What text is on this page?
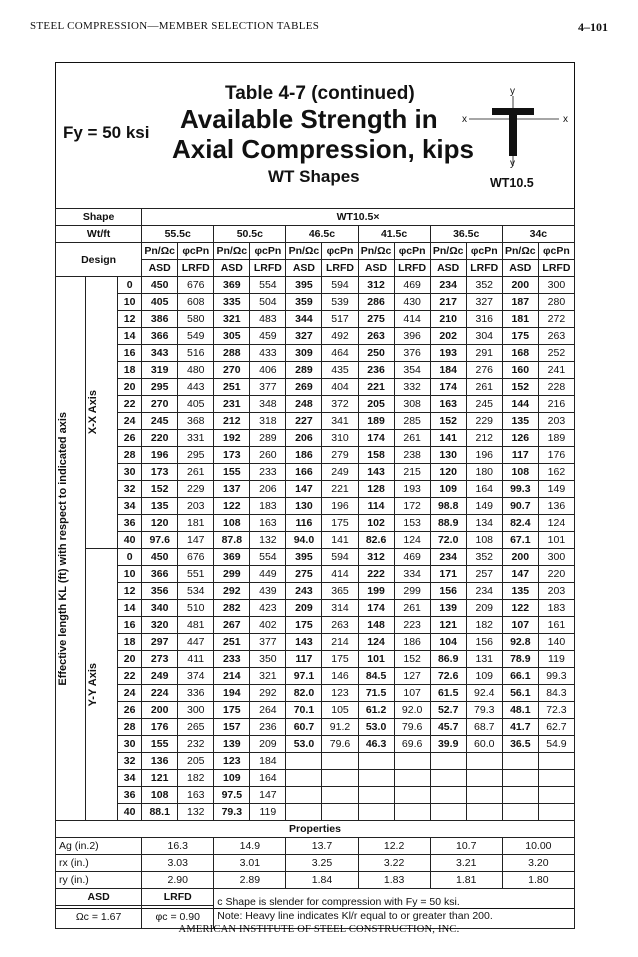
STEEL COMPRESSION—MEMBER SELECTION TABLES	4–101
Fy = 50 ksi
Table 4-7 (continued)
Available Strength in
Axial Compression, kips
WT Shapes
y
x	x
y
WT10.5
Shape			WT10.5×											
Wt/ft			55.5c		50.5c		46.5c		41.5c		36.5c		34c	
Design			Pn/Ωc	φcPn	Pn/Ωc	φcPn	Pn/Ωc	φcPn	Pn/Ωc	φcPn	Pn/Ωc	φcPn	Pn/Ωc	φcPn
			ASD	LRFD	ASD	LRFD	ASD	LRFD	ASD	LRFD	ASD	LRFD	ASD	LRFD

Effective length KL (ft) with respect to indicated axis	X-X Axis	0	450	676	369	554	395	594	312	469	234	352	200	300
		10	405	608	335	504	359	539	286	430	217	327	187	280
		12	386	580	321	483	344	517	275	414	210	316	181	272
		14	366	549	305	459	327	492	263	396	202	304	175	263
		16	343	516	288	433	309	464	250	376	193	291	168	252
		18	319	480	270	406	289	435	236	354	184	276	160	241
		20	295	443	251	377	269	404	221	332	174	261	152	228
		22	270	405	231	348	248	372	205	308	163	245	144	216
		24	245	368	212	318	227	341	189	285	152	229	135	203
		26	220	331	192	289	206	310	174	261	141	212	126	189
		28	196	295	173	260	186	279	158	238	130	196	117	176
		30	173	261	155	233	166	249	143	215	120	180	108	162
		32	152	229	137	206	147	221	128	193	109	164	99.3	149
		34	135	203	122	183	130	196	114	172	98.8	149	90.7	136
		36	120	181	108	163	116	175	102	153	88.9	134	82.4	124
		40	97.6	147	87.8	132	94.0	141	82.6	124	72.0	108	67.1	101

	Y-Y Axis	0	450	676	369	554	395	594	312	469	234	352	200	300
		10	366	551	299	449	275	414	222	334	171	257	147	220
		12	356	534	292	439	243	365	199	299	156	234	135	203
		14	340	510	282	423	209	314	174	261	139	209	122	183
		16	320	481	267	402	175	263	148	223	121	182	107	161
		18	297	447	251	377	143	214	124	186	104	156	92.8	140
		20	273	411	233	350	117	175	101	152	86.9	131	78.9	119
		22	249	374	214	321	97.1	146	84.5	127	72.6	109	66.1	99.3
		24	224	336	194	292	82.0	123	71.5	107	61.5	92.4	56.1	84.3
		26	200	300	175	264	70.1	105	61.2	92.0	52.7	79.3	48.1	72.3
		28	176	265	157	236	60.7	91.2	53.0	79.6	45.7	68.7	41.7	62.7
		30	155	232	139	209	53.0	79.6	46.3	69.6	39.9	60.0	36.5	54.9
		32	136	205	123	184								
		34	121	182	109	164								
		36	108	163	97.5	147								
		40	88.1	132	79.3	119								
Properties														
Ag (in.2)			16.3		14.9		13.7		12.2		10.7		10.00	
rx (in.)			3.03		3.01		3.25		3.22		3.21		3.20	
ry (in.)			2.90		2.89		1.84		1.83		1.81		1.80	
ASD			LRFD		c Shape is slender for compression with Fy = 50 ksi.
Note: Heavy line indicates Kl/r equal to or greater than 200.									

Ωc = 1.67			φc = 0.90											
AMERICAN INSTITUTE OF STEEL CONSTRUCTION, INC.
